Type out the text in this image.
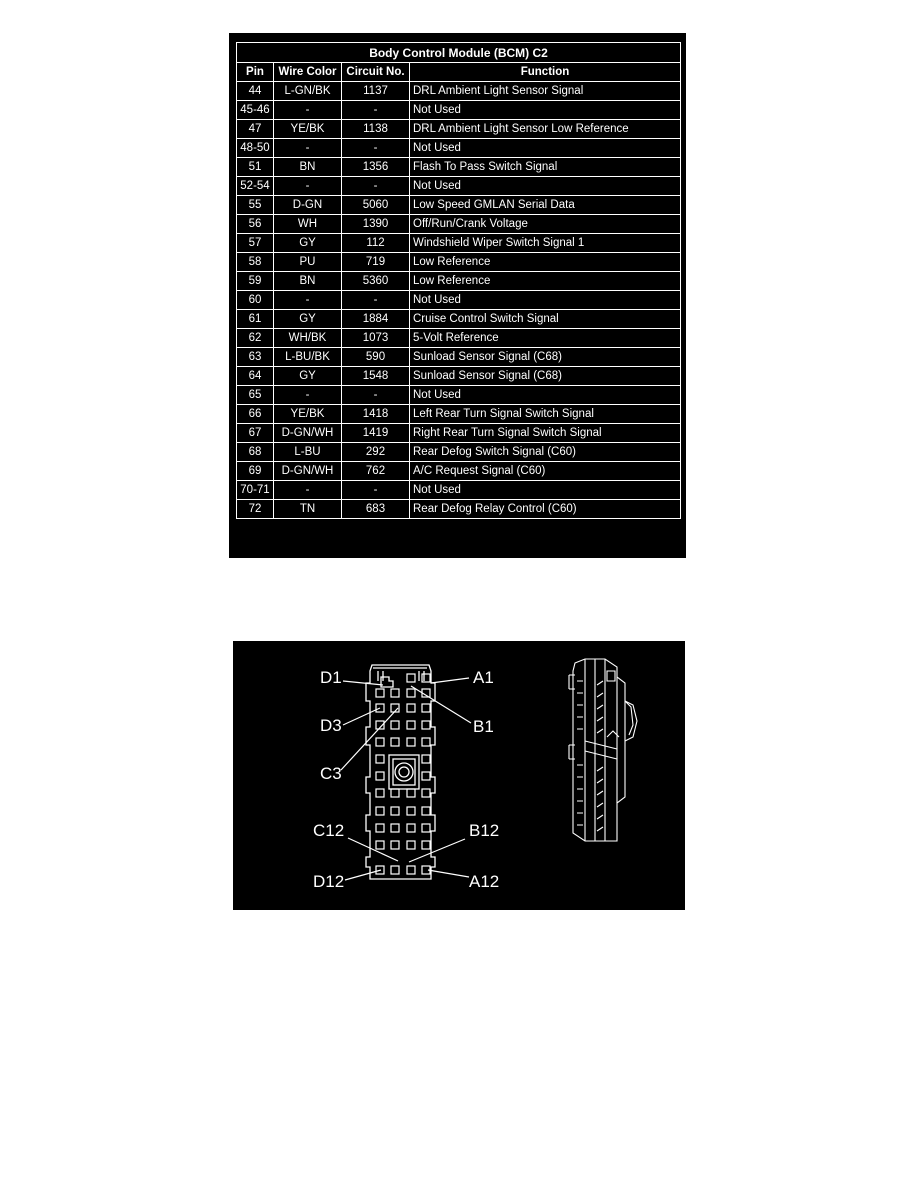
Body Control Module (BCM) C2			
Pin	Wire Color	Circuit No.	Function
44	L-GN/BK	1137	DRL Ambient Light Sensor Signal
45-46	-	-	Not Used
47	YE/BK	1138	DRL Ambient Light Sensor Low Reference
48-50	-	-	Not Used
51	BN	1356	Flash To Pass Switch Signal
52-54	-	-	Not Used
55	D-GN	5060	Low Speed GMLAN Serial Data
56	WH	1390	Off/Run/Crank Voltage
57	GY	112	Windshield Wiper Switch Signal 1
58	PU	719	Low Reference
59	BN	5360	Low Reference
60	-	-	Not Used
61	GY	1884	Cruise Control Switch Signal
62	WH/BK	1073	5-Volt Reference
63	L-BU/BK	590	Sunload Sensor Signal (C68)
64	GY	1548	Sunload Sensor Signal (C68)
65	-	-	Not Used
66	YE/BK	1418	Left Rear Turn Signal Switch Signal
67	D-GN/WH	1419	Right Rear Turn Signal Switch Signal
68	L-BU	292	Rear Defog Switch Signal (C60)
69	D-GN/WH	762	A/C Request Signal (C60)
70-71	-	-	Not Used
72	TN	683	Rear Defog Relay Control (C60)
D1	A1
D3	B1
C3
C12	B12
D12	A12
